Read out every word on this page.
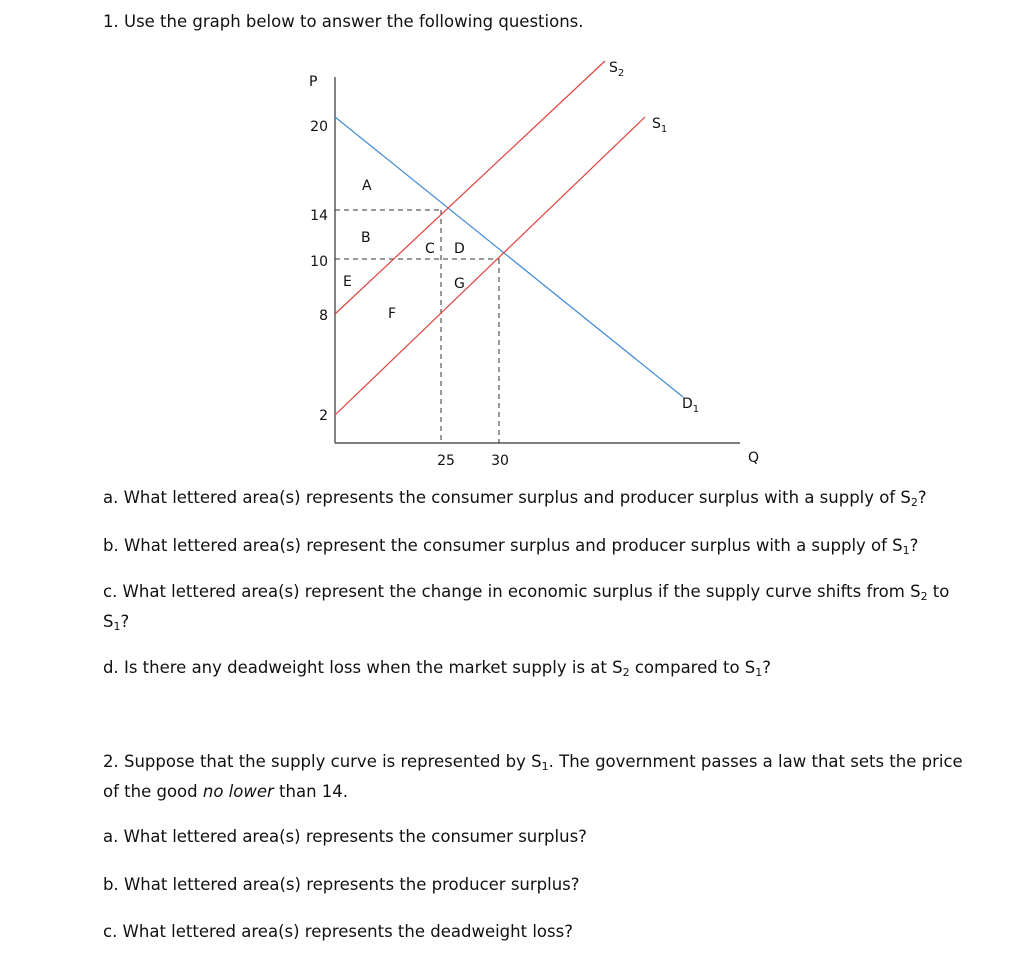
1. Use the graph below to answer the following questions.
P
Q
20
14
10
8
2
25	30
$S_2$
$S_1$
$D_1$
A
B
C D
E
F
G
a. What lettered area(s) represents the consumer surplus and producer surplus with a supply of $S_2$?
b. What lettered area(s) represent the consumer surplus and producer surplus with a supply of $S_1$?
c. What lettered area(s) represent the change in economic surplus if the supply curve shifts from $S_2$ to $S_1$?
d. Is there any deadweight loss when the market supply is at $S_2$ compared to $S_1$?
2. Suppose that the supply curve is represented by $S_1$. The government passes a law that sets the price of the good no lower than 14.
a. What lettered area(s) represents the consumer surplus?
b. What lettered area(s) represents the producer surplus?
c. What lettered area(s) represents the deadweight loss?
